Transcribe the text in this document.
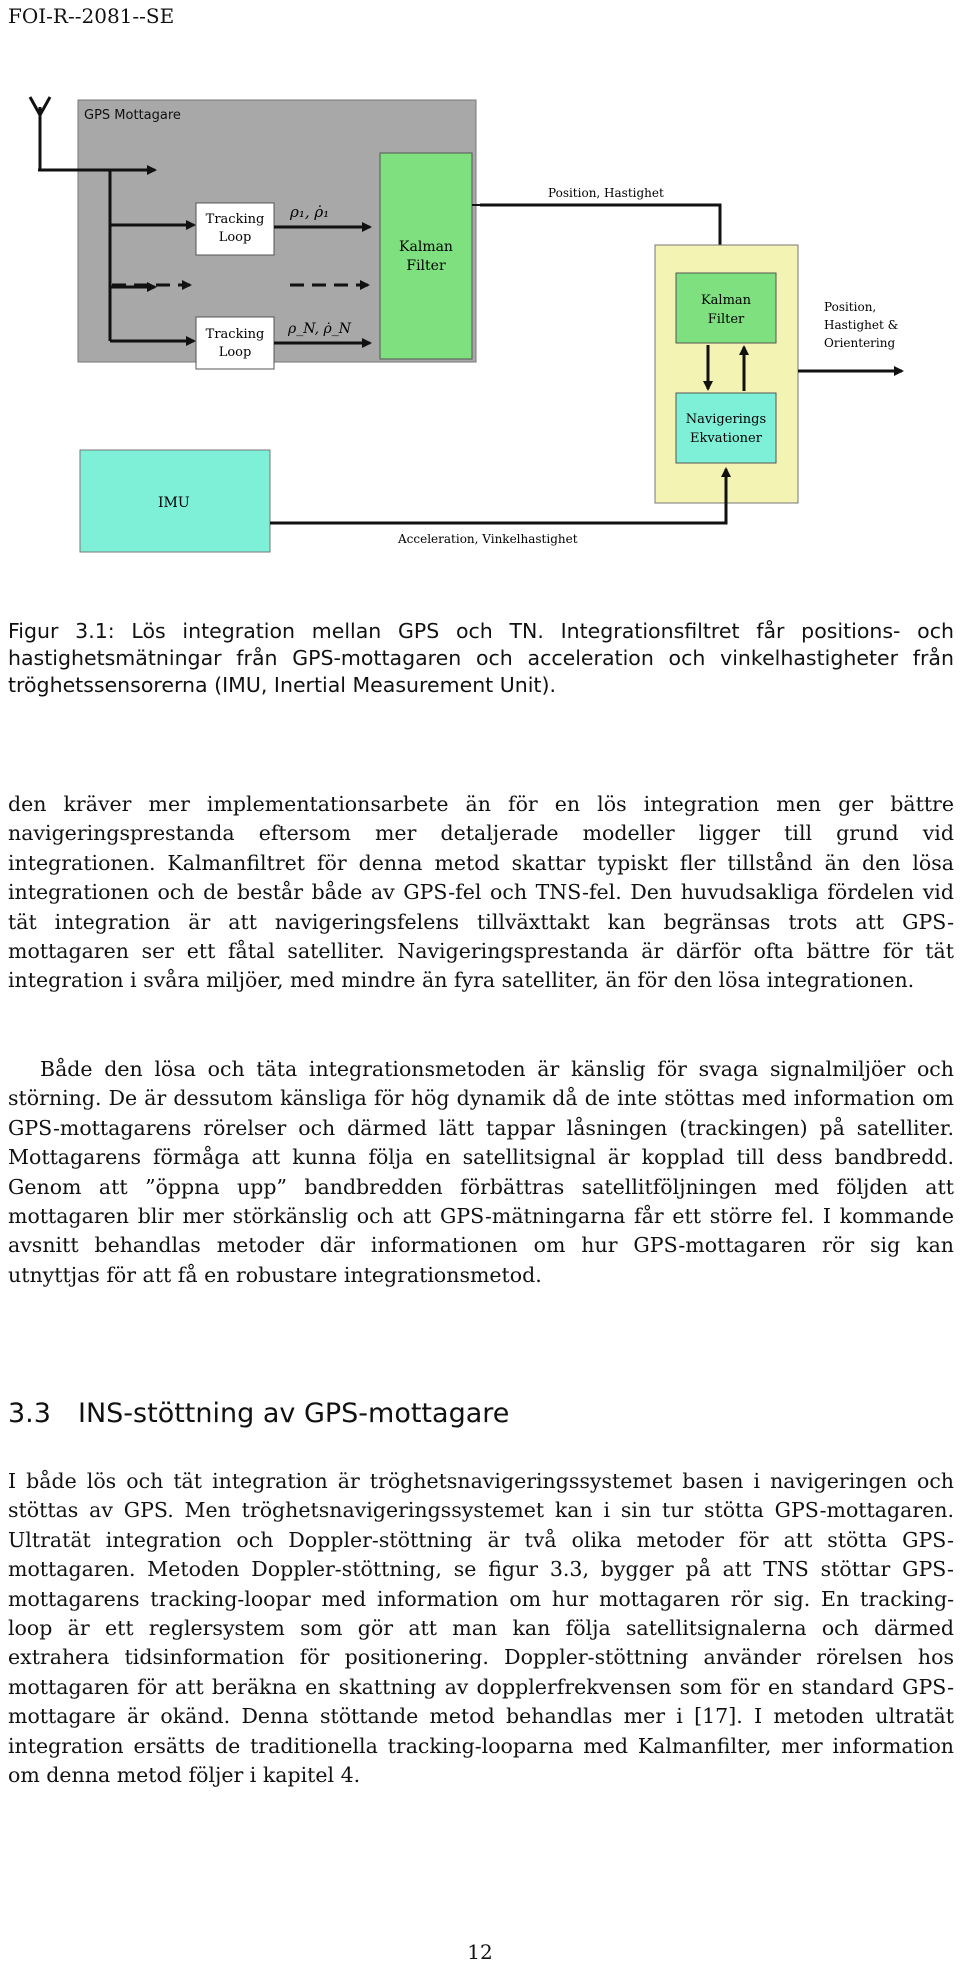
FOI-R--2081--SE
GPS Mottagare
Tracking
Loop
Tracking
Loop
ρ₁, ρ̇₁
ρ_N, ρ̇_N
Kalman
Filter
Position, Hastighet
Kalman
Filter
Navigerings
Ekvationer
Position,
Hastighet &
Orientering
IMU
Acceleration, Vinkelhastighet
Figur 3.1: Lös integration mellan GPS och TN. Integrationsfiltret får positions- och hastighetsmätningar från GPS-mottagaren och acceleration och vinkelhastigheter från tröghetssensorerna (IMU, Inertial Measurement Unit).
den kräver mer implementationsarbete än för en lös integration men ger bättre navigeringsprestanda eftersom mer detaljerade modeller ligger till grund vid integrationen. Kalmanfiltret för denna metod skattar typiskt fler tillstånd än den lösa integrationen och de består både av GPS-fel och TNS-fel. Den huvudsakliga fördelen vid tät integration är att navigeringsfelens tillväxttakt kan begränsas trots att GPS-mottagaren ser ett fåtal satelliter. Navigeringsprestanda är därför ofta bättre för tät integration i svåra miljöer, med mindre än fyra satelliter, än för den lösa integrationen.
Både den lösa och täta integrationsmetoden är känslig för svaga signalmiljöer och störning. De är dessutom känsliga för hög dynamik då de inte stöttas med information om GPS-mottagarens rörelser och därmed lätt tappar låsningen (trackingen) på satelliter. Mottagarens förmåga att kunna följa en satellitsignal är kopplad till dess bandbredd. Genom att ”öppna upp” bandbredden förbättras satellitföljningen med följden att mottagaren blir mer störkänslig och att GPS-mätningarna får ett större fel. I kommande avsnitt behandlas metoder där informationen om hur GPS-mottagaren rör sig kan utnyttjas för att få en robustare integrationsmetod.
3.3 INS-stöttning av GPS-mottagare
I både lös och tät integration är tröghetsnavigeringssystemet basen i navigeringen och stöttas av GPS. Men tröghetsnavigeringssystemet kan i sin tur stötta GPS-mottagaren. Ultratät integration och Doppler-stöttning är två olika metoder för att stötta GPS-mottagaren. Metoden Doppler-stöttning, se figur 3.3, bygger på att TNS stöttar GPS-mottagarens tracking-loopar med information om hur mottagaren rör sig. En tracking-loop är ett reglersystem som gör att man kan följa satellitsignalerna och därmed extrahera tidsinformation för positionering. Doppler-stöttning använder rörelsen hos mottagaren för att beräkna en skattning av dopplerfrekvensen som för en standard GPS-mottagare är okänd. Denna stöttande metod behandlas mer i [17]. I metoden ultratät integration ersätts de traditionella tracking-looparna med Kalmanfilter, mer information om denna metod följer i kapitel 4.
12
